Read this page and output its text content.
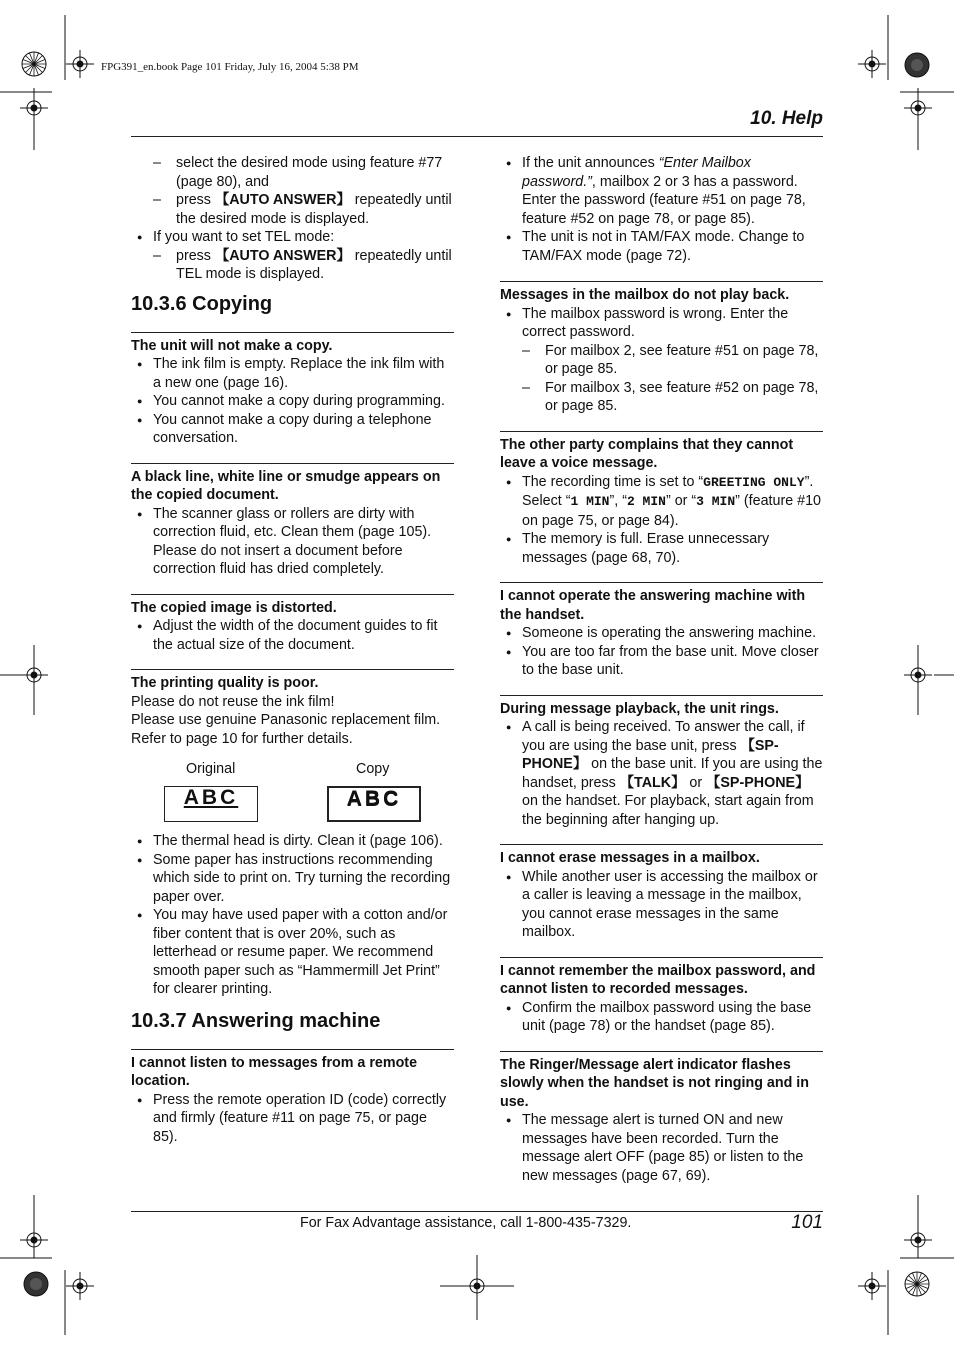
FPG391_en.book Page 101 Friday, July 16, 2004 5:38 PM
10. Help
– select the desired mode using feature #77 (page 80), and
– press 【AUTO ANSWER】 repeatedly until the desired mode is displayed.
● If you want to set TEL mode:
– press 【AUTO ANSWER】 repeatedly until TEL mode is displayed.
10.3.6 Copying
The unit will not make a copy.
● The ink film is empty. Replace the ink film with a new one (page 16).
● You cannot make a copy during programming.
● You cannot make a copy during a telephone conversation.
A black line, white line or smudge appears on the copied document.
● The scanner glass or rollers are dirty with correction fluid, etc. Clean them (page 105). Please do not insert a document before correction fluid has dried completely.
The copied image is distorted.
● Adjust the width of the document guides to fit the actual size of the document.
The printing quality is poor.
Please do not reuse the ink film!
Please use genuine Panasonic replacement film. Refer to page 10 for further details.
Original	Copy
ABC	ABC
● The thermal head is dirty. Clean it (page 106).
● Some paper has instructions recommending which side to print on. Try turning the recording paper over.
● You may have used paper with a cotton and/or fiber content that is over 20%, such as letterhead or resume paper. We recommend smooth paper such as “Hammermill Jet Print” for clearer printing.
10.3.7 Answering machine
I cannot listen to messages from a remote location.
● Press the remote operation ID (code) correctly and firmly (feature #11 on page 75, or page 85).
● If the unit announces “Enter Mailbox password.”, mailbox 2 or 3 has a password. Enter the password (feature #51 on page 78, feature #52 on page 78, or page 85).
● The unit is not in TAM/FAX mode. Change to TAM/FAX mode (page 72).
Messages in the mailbox do not play back.
● The mailbox password is wrong. Enter the correct password.
– For mailbox 2, see feature #51 on page 78, or page 85.
– For mailbox 3, see feature #52 on page 78, or page 85.
The other party complains that they cannot leave a voice message.
● The recording time is set to “GREETING ONLY”. Select “1 MIN”, “2 MIN” or “3 MIN” (feature #10 on page 75, or page 84).
● The memory is full. Erase unnecessary messages (page 68, 70).
I cannot operate the answering machine with the handset.
● Someone is operating the answering machine.
● You are too far from the base unit. Move closer to the base unit.
During message playback, the unit rings.
● A call is being received. To answer the call, if you are using the base unit, press 【SP-PHONE】 on the base unit. If you are using the handset, press 【TALK】 or 【SP-PHONE】 on the handset. For playback, start again from the beginning after hanging up.
I cannot erase messages in a mailbox.
● While another user is accessing the mailbox or a caller is leaving a message in the mailbox, you cannot erase messages in the same mailbox.
I cannot remember the mailbox password, and cannot listen to recorded messages.
● Confirm the mailbox password using the base unit (page 78) or the handset (page 85).
The Ringer/Message alert indicator flashes slowly when the handset is not ringing and in use.
● The message alert is turned ON and new messages have been recorded. Turn the message alert OFF (page 85) or listen to the new messages (page 67, 69).
For Fax Advantage assistance, call 1-800-435-7329.	101
